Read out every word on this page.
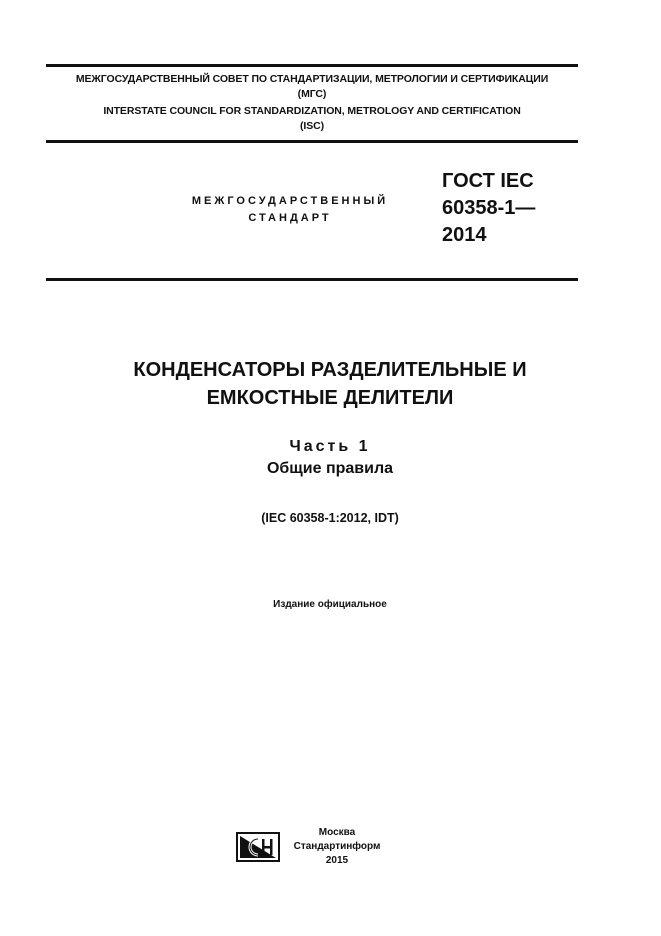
МЕЖГОСУДАРСТВЕННЫЙ СОВЕТ ПО СТАНДАРТИЗАЦИИ, МЕТРОЛОГИИ И СЕРТИФИКАЦИИ
(МГС)
INTERSTATE COUNCIL FOR STANDARDIZATION, METROLOGY AND CERTIFICATION
(ISC)
МЕЖГОСУДАРСТВЕННЫЙ
СТАНДАРТ
ГОСТ IEC
60358-1—
2014
КОНДЕНСАТОРЫ РАЗДЕЛИТЕЛЬНЫЕ И
ЕМКОСТНЫЕ ДЕЛИТЕЛИ
Часть 1
Общие правила
(IEC 60358-1:2012, IDT)
Издание официальное
Москва
Стандартинформ
2015
